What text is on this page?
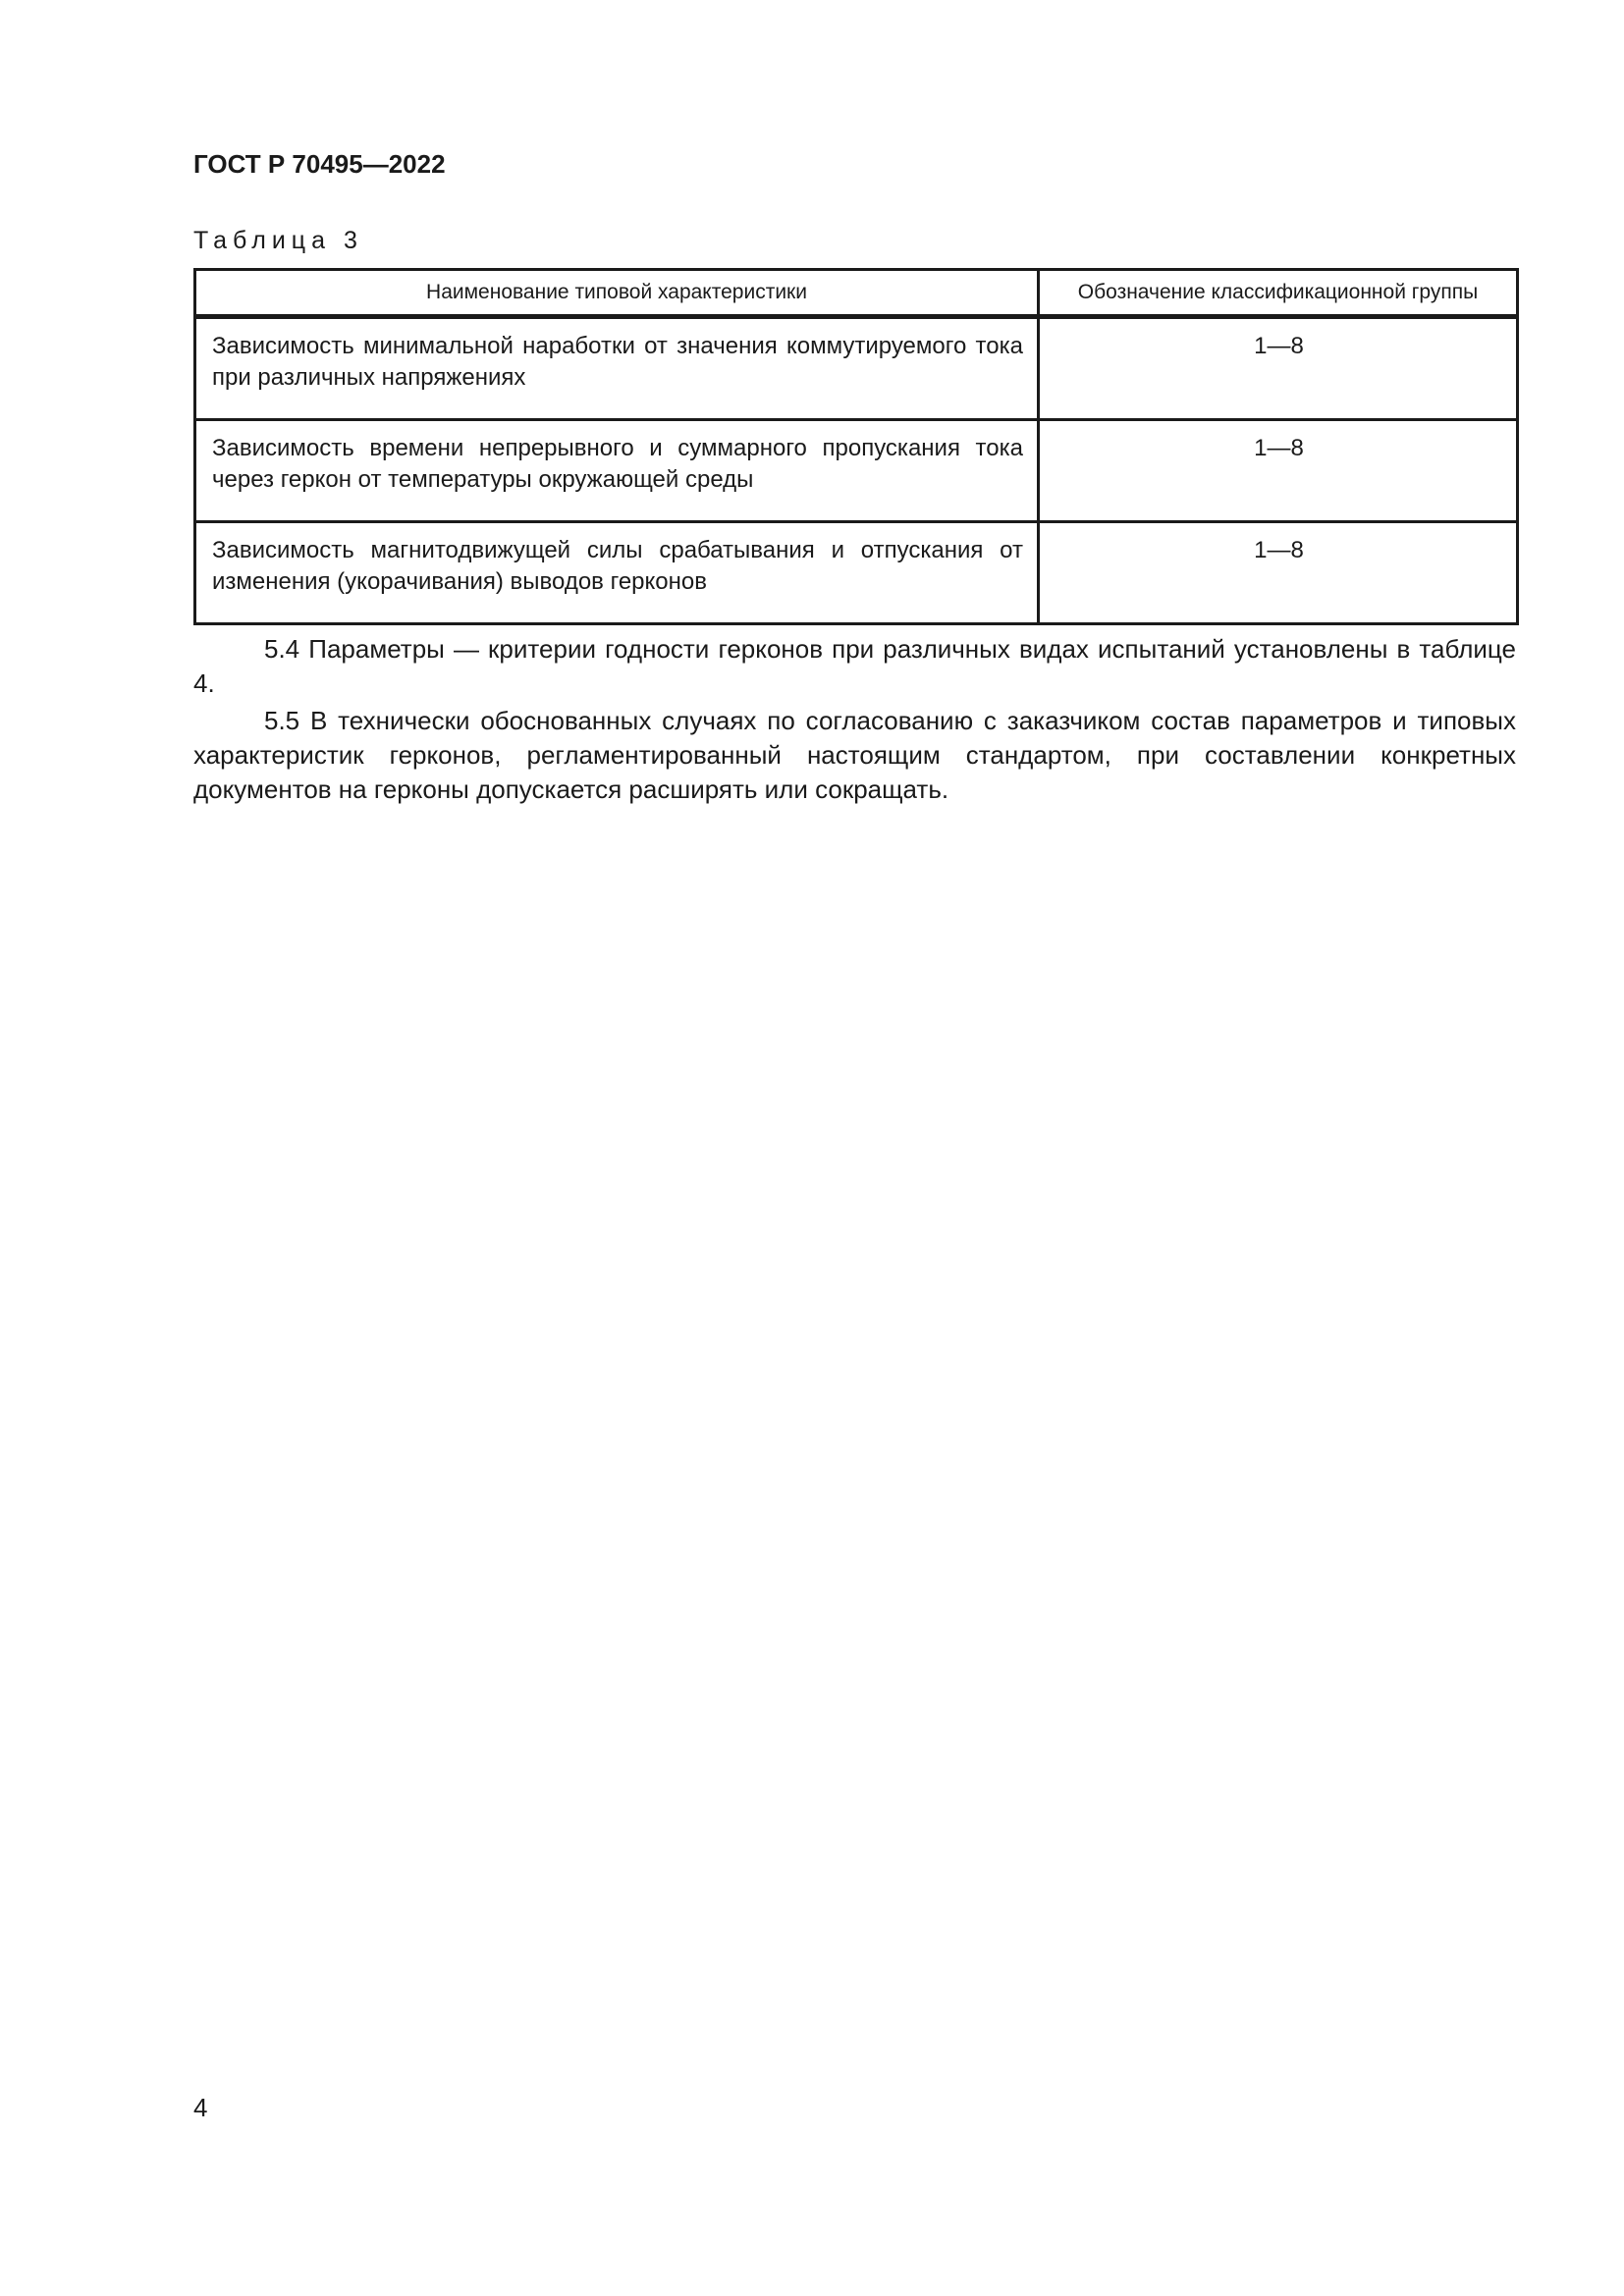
ГОСТ Р 70495—2022
Таблица 3
Наименование типовой характеристики	Обозначение классификационной группы
Зависимость минимальной наработки от значения коммутируемого тока при различных напряжениях	1—8
Зависимость времени непрерывного и суммарного пропускания тока через геркон от температуры окружающей среды	1—8
Зависимость магнитодвижущей силы срабатывания и отпускания от изменения (укорачивания) выводов герконов	1—8

5.4 Параметры — критерии годности герконов при различных видах испытаний установлены в таблице 4.

5.5 В технически обоснованных случаях по согласованию с заказчиком состав параметров и типовых характеристик герконов, регламентированный настоящим стандартом, при составлении конкретных документов на герконы допускается расширять или сокращать.

4
